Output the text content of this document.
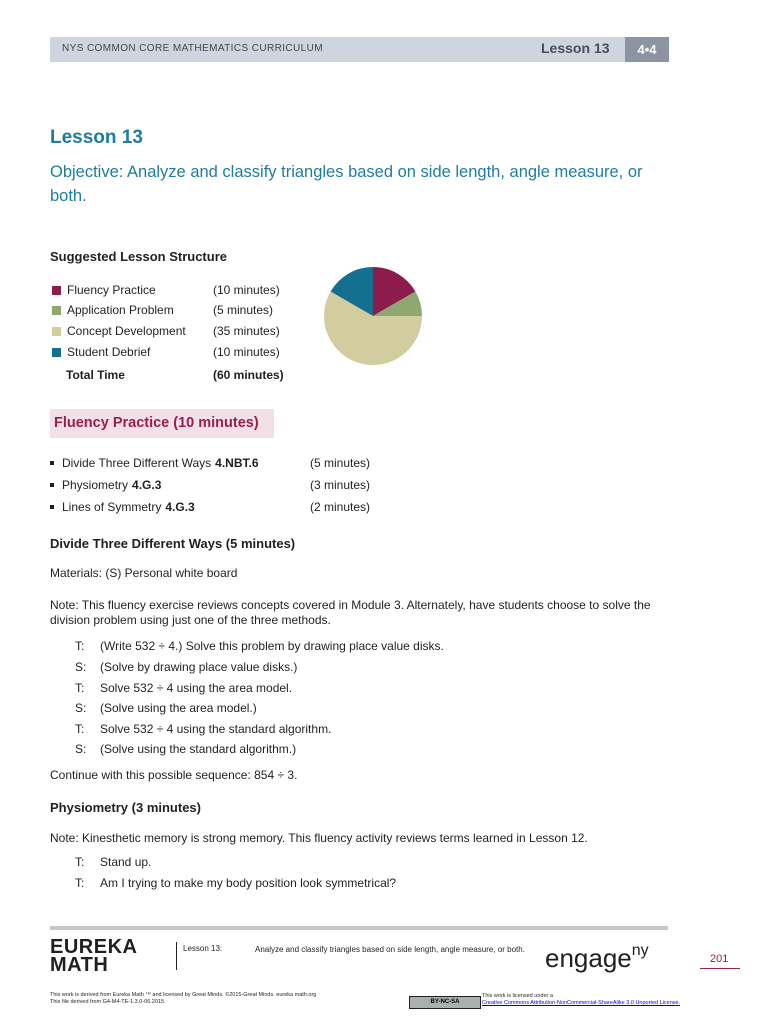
NYS COMMON CORE MATHEMATICS CURRICULUM	Lesson 13	4•4
Lesson 13
Objective: Analyze and classify triangles based on side length, angle measure, or both.
Suggested Lesson Structure
Fluency Practice	(10 minutes)
Application Problem	(5 minutes)
Concept Development (35 minutes)
Student Debrief	(10 minutes)
Total Time	(60 minutes)
Fluency Practice (10 minutes)
Divide Three Different Ways 4.NBT.6	(5 minutes)
Physiometry 4.G.3	(3 minutes)
Lines of Symmetry 4.G.3	(2 minutes)
Divide Three Different Ways (5 minutes)
Materials: (S) Personal white board
Note: This fluency exercise reviews concepts covered in Module 3. Alternately, have students choose to solve the division problem using just one of the three methods.
T: (Write 532 ÷ 4.) Solve this problem by drawing place value disks.
S: (Solve by drawing place value disks.)
T: Solve 532 ÷ 4 using the area model.
S: (Solve using the area model.)
T: Solve 532 ÷ 4 using the standard algorithm.
S: (Solve using the standard algorithm.)
Continue with this possible sequence: 854 ÷ 3.
Physiometry (3 minutes)
Note: Kinesthetic memory is strong memory. This fluency activity reviews terms learned in Lesson 12.
T: Stand up.
T: Am I trying to make my body position look symmetrical?
EUREKA
MATH
Lesson 13:	Analyze and classify triangles based on side length, angle measure, or both. engage$^{ny}$	201
This work is derived from Eureka Math ™ and licensed by Great Minds. ©2015-Great Minds. eureka math.org
This file derived from G4-M4-TE-1.3.0-06.2015	BY-NC-SA
This work is licensed under a
Creative Commons Attribution-NonCommercial-ShareAlike 3.0 Unported License.
